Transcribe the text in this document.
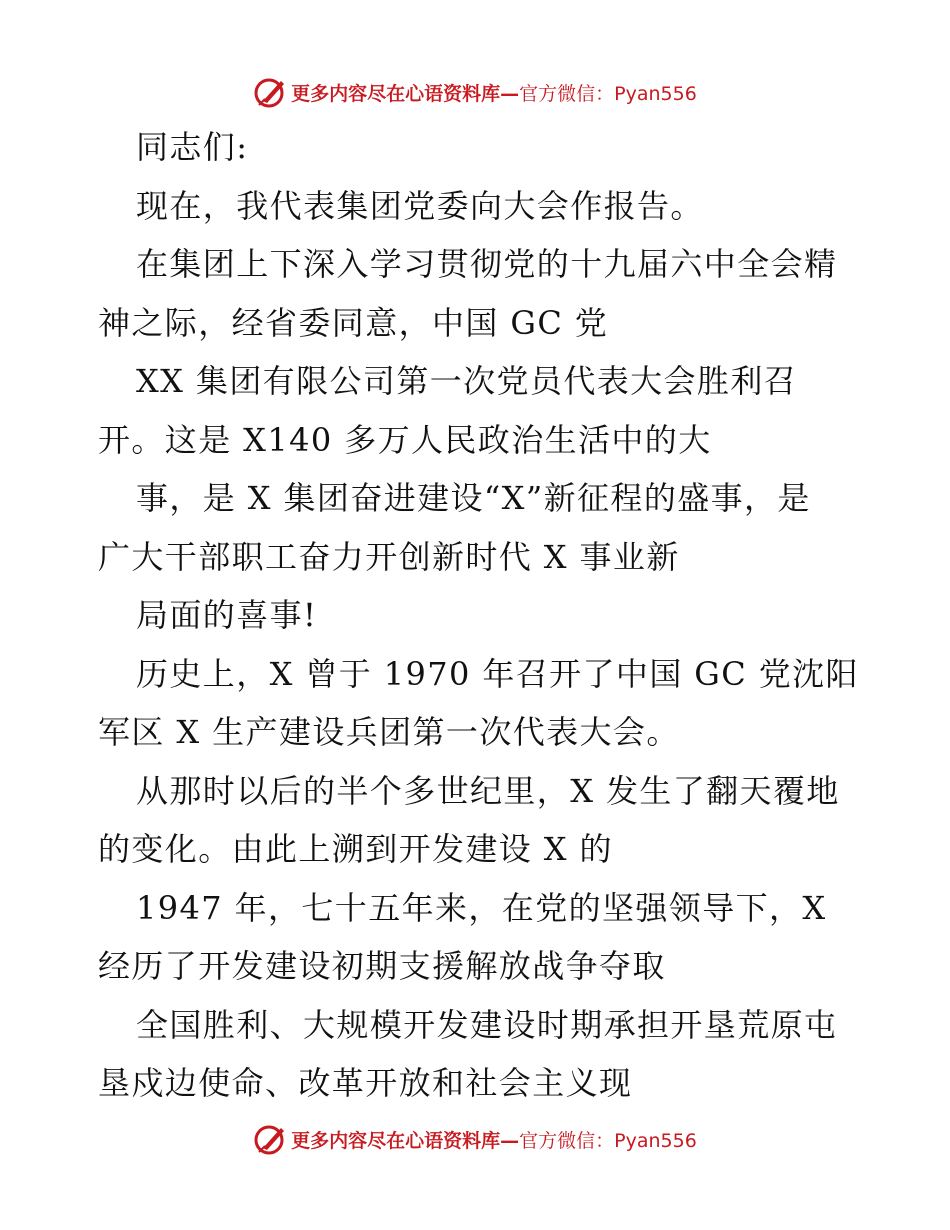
更多内容尽在心语资料库— 官方微信：Pyan556
同志们:
现在，我代表集团党委向大会作报告。
在集团上下深入学习贯彻党的十九届六中全会精
神之际，经省委同意，中国 GC 党
XX 集团有限公司第一次党员代表大会胜利召
开。这是 X140 多万人民政治生活中的大
事，是 X 集团奋进建设“X”新征程的盛事，是
广大干部职工奋力开创新时代 X 事业新
局面的喜事!
历史上，X 曾于 1970 年召开了中国 GC 党沈阳
军区 X 生产建设兵团第一次代表大会。
从那时以后的半个多世纪里，X 发生了翻天覆地
的变化。由此上溯到开发建设 X 的
1947 年，七十五年来，在党的坚强领导下，X
经历了开发建设初期支援解放战争夺取
全国胜利、大规模开发建设时期承担开垦荒原屯
垦戍边使命、改革开放和社会主义现
更多内容尽在心语资料库— 官方微信：Pyan556
